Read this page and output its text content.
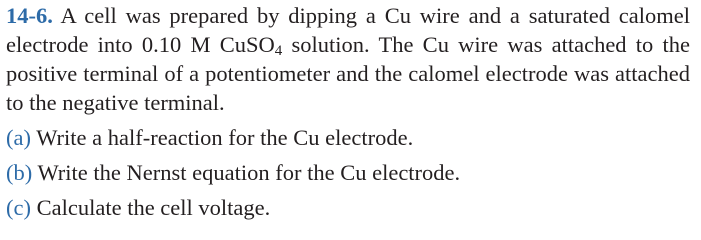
14-6. A cell was prepared by dipping a Cu wire and a saturated calomel electrode into 0.10 M CuSO$_4$ solution. The Cu wire was attached to the positive terminal of a potentiometer and the calomel electrode was attached to the negative terminal.
(a) Write a half-reaction for the Cu electrode.
(b) Write the Nernst equation for the Cu electrode.
(c) Calculate the cell voltage.
